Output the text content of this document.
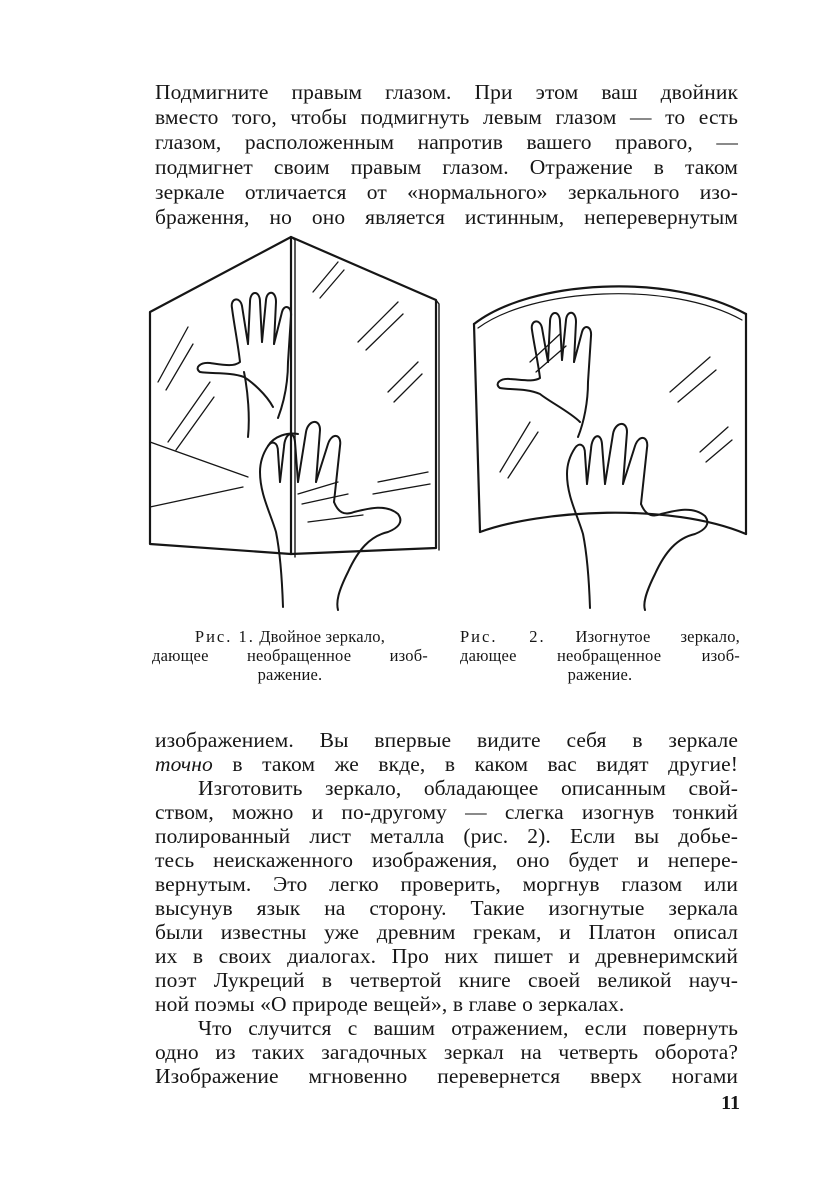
Подмигните правым глазом. При этом ваш двойник
вместо того, чтобы подмигнуть левым глазом — то есть
глазом, расположенным напротив вашего правого, —
подмигнет своим правым глазом. Отражение в таком
зеркале отличается от «нормального» зеркального изо-
браження, но оно является истинным, неперевернутым
Рис. 1. Двойное зеркало,
дающее необращенное изоб-
ражение.
Рис. 2. Изогнутое зеркало,
дающее необращенное изоб-
ражение.
изображением. Вы впервые видите себя в зеркале
точно в таком же вкде, в каком вас видят другие!
Изготовить зеркало, обладающее описанным свой-
ством, можно и по-другому — слегка изогнув тонкий
полированный лист металла (рис. 2). Если вы добье-
тесь неискаженного изображения, оно будет и непере-
вернутым. Это легко проверить, моргнув глазом или
высунув язык на сторону. Такие изогнутые зеркала
были известны уже древним грекам, и Платон описал
их в своих диалогах. Про них пишет и древнеримский
поэт Лукреций в четвертой книге своей великой науч-
ной поэмы «О природе вещей», в главе о зеркалах.
Что случится с вашим отражением, если повернуть
одно из таких загадочных зеркал на четверть оборота?
Изображение мгновенно перевернется вверх ногами
11
